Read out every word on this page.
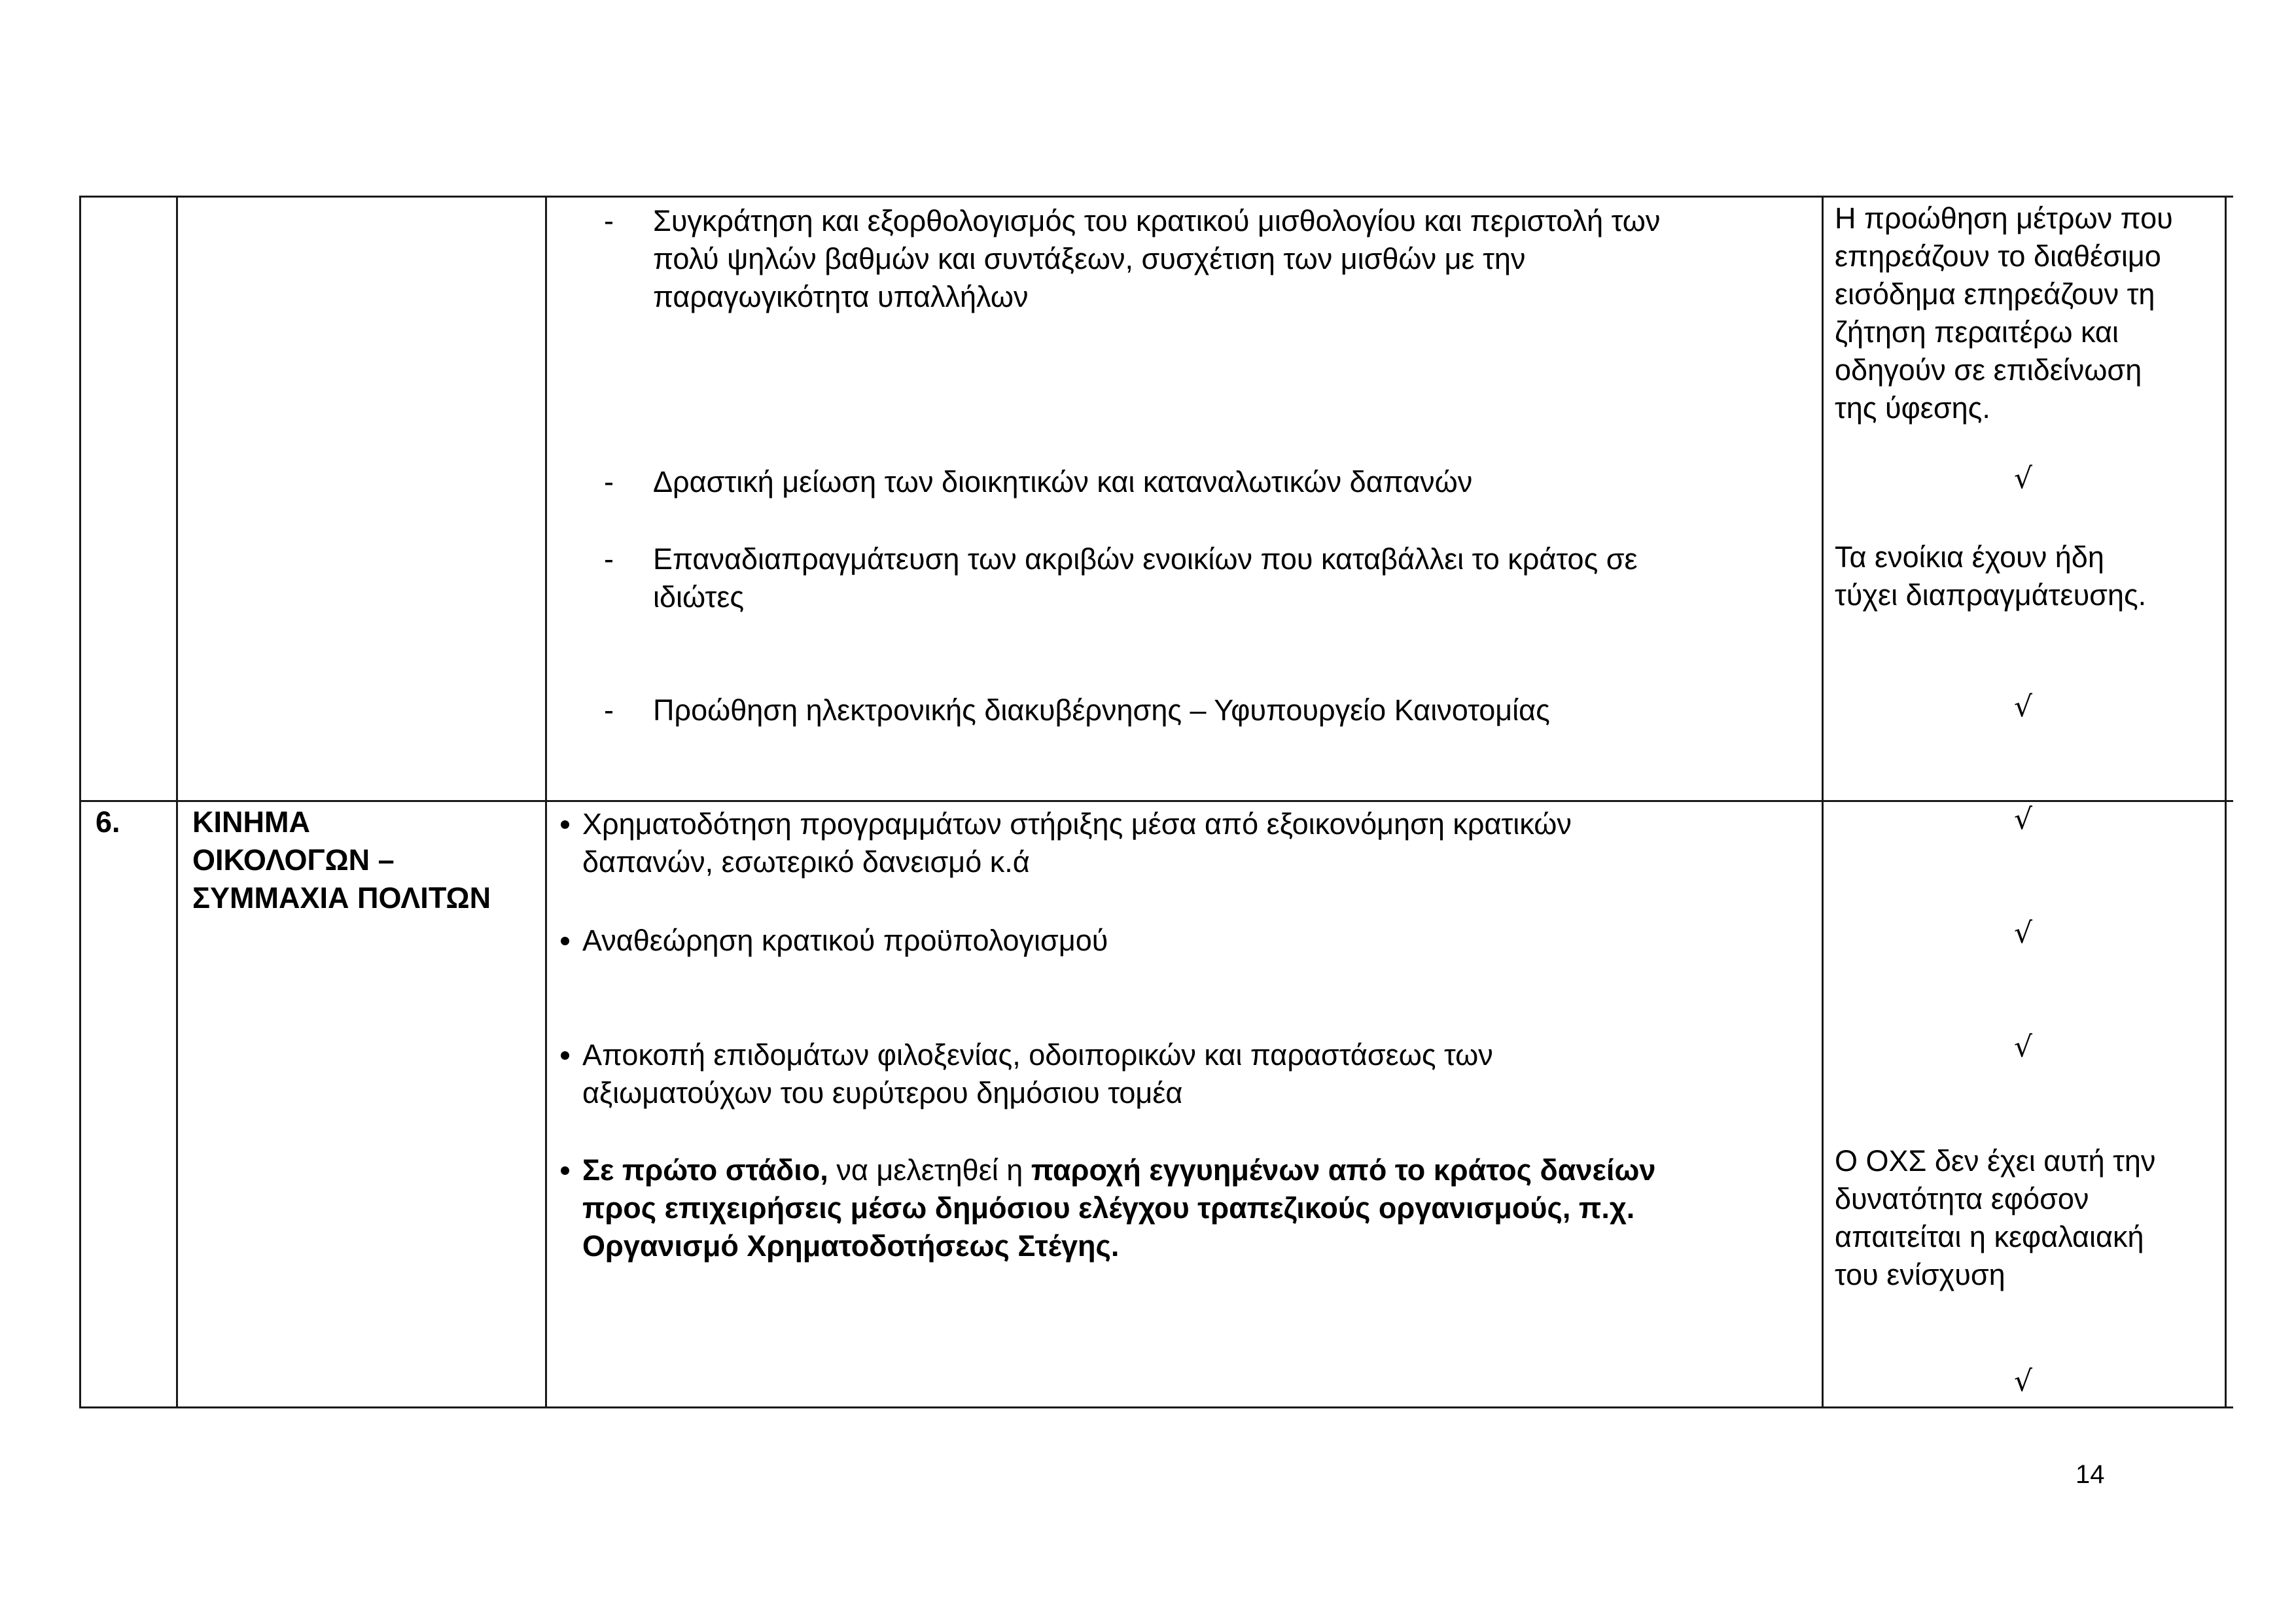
- Συγκράτηση και εξορθολογισμός του κρατικού μισθολογίου και περιστολή των
πολύ ψηλών βαθμών και συντάξεων, συσχέτιση των μισθών με την
παραγωγικότητα υπαλλήλων
- Δραστική μείωση των διοικητικών και καταναλωτικών δαπανών
- Επαναδιαπραγμάτευση των ακριβών ενοικίων που καταβάλλει το κράτος σε
ιδιώτες
- Προώθηση ηλεκτρονικής διακυβέρνησης – Υφυπουργείο Καινοτομίας
Η προώθηση μέτρων που
επηρεάζουν το διαθέσιμο
εισόδημα επηρεάζουν τη
ζήτηση περαιτέρω και
οδηγούν σε επιδείνωση
της ύφεσης.
√
Τα ενοίκια έχουν ήδη
τύχει διαπραγμάτευσης.
√
6. ΚΙΝΗΜΑ
ΟΙΚΟΛΟΓΩΝ –
ΣΥΜΜΑΧΙΑ ΠΟΛΙΤΩΝ
Χρηματοδότηση προγραμμάτων στήριξης μέσα από εξοικονόμηση κρατικών
δαπανών, εσωτερικό δανεισμό κ.ά
Αναθεώρηση κρατικού προϋπολογισμού
Αποκοπή επιδομάτων φιλοξενίας, οδοιπορικών και παραστάσεως των
αξιωματούχων του ευρύτερου δημόσιου τομέα
Σε πρώτο στάδιο, να μελετηθεί η παροχή εγγυημένων από το κράτος δανείων
προς επιχειρήσεις μέσω δημόσιου ελέγχου τραπεζικούς οργανισμούς, π.χ.
Οργανισμό Χρηματοδοτήσεως Στέγης.
√
√
√
Ο ΟΧΣ δεν έχει αυτή την
δυνατότητα εφόσον
απαιτείται η κεφαλαιακή
του ενίσχυση
√
14
